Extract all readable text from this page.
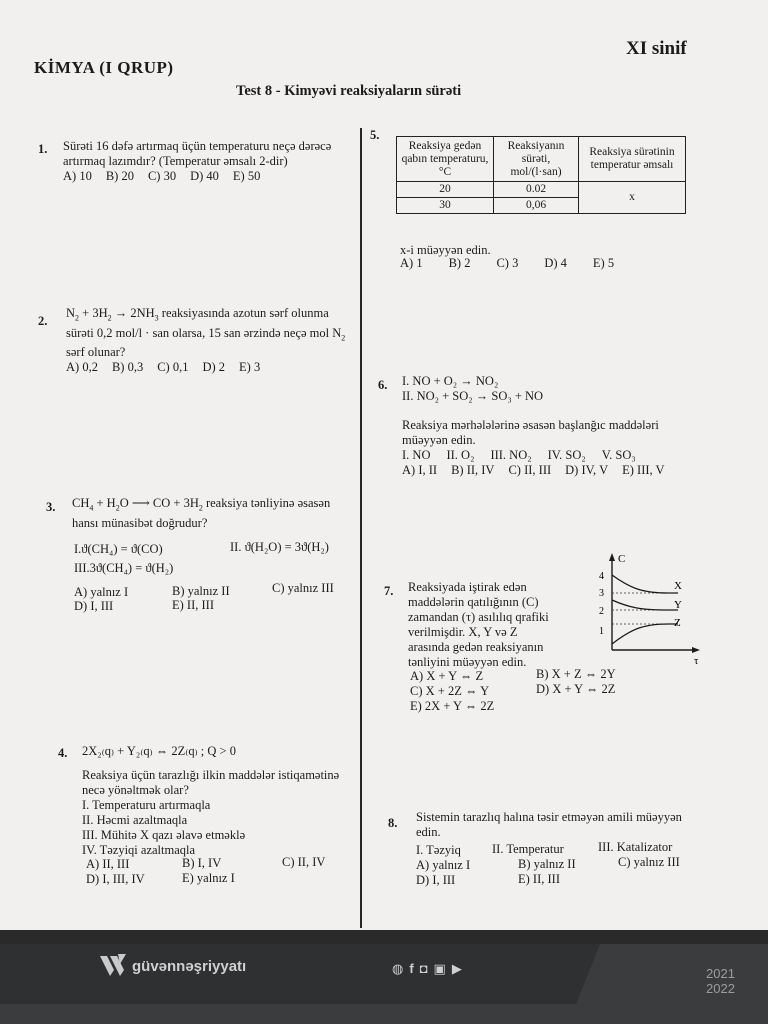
KİMYA (I QRUP)
XI sinif
Test 8 - Kimyəvi reaksiyaların sürəti
1. Sürəti 16 dəfə artırmaq üçün temperaturu neçə dərəcə
artırmaq lazımdır? (Temperatur əmsalı 2-dir)
A) 10 B) 20 C) 30 D) 40 E) 50
2.
$N_2 + 3H_2 \to 2NH_3$ reaksiyasında azotun sərf olunma
sürəti 0,2 mol/l · san olarsa, 15 san ərzində neçə mol $N_2$
sərf olunar?
A) 0,2 B) 0,3 C) 0,1 D) 2 E) 3
3. $CH_4 + H_2O$ ⟶ CO + $3H_2$ reaksiya tənliyinə əsasən
hansı münasibət doğrudur?
I.ϑ(CH₄) = ϑ(CO)	II. ϑ(H₂O) = 3ϑ(H₂)
III.3ϑ(CH₄) = ϑ(H₂)
A) yalnız I	B) yalnız II	C) yalnız III
D) I, III	E) II, III
4. 2X₂₍q₎ + Y₂₍q₎ ⇔ 2Z₍q₎ ; Q > 0
Reaksiya üçün tarazlığı ilkin maddələr istiqamətinə
necə yönəltmək olar?
I. Temperaturu artırmaqla
II. Həcmi azaltmaqla
III. Mühitə X qazı əlavə etməklə
IV. Təzyiqi azaltmaqla
A) II, III	B) I, IV	C) II, IV
D) I, III, IV	E) yalnız I
5.
Reaksiya gedən qabın temperaturu, °C	Reaksiyanın sürəti, mol/(l·san)	Reaksiya sürətinin temperatur əmsalı
20	0.02	x
30	0,06	
x-i müəyyən edin.
A) 1 B) 2 C) 3 D) 4 E) 5
6. I. NO + O₂ → NO₂
II. NO₂ + SO₂ → SO₃ + NO
Reaksiya mərhələlərinə əsasən başlanğıc maddələri
müəyyən edin.
I. NO II. O₂ III. NO₂ IV. SO₂ V. SO₃
A) I, II B) II, IV C) II, III D) IV, V E) III, V
7. Reaksiyada iştirak edən
maddələrin qatılığının (C)
zamandan (τ) asılılıq qrafiki
verilmişdir. X, Y və Z
arasında gedən reaksiyanın
tənliyini müəyyən edin.
A) X + Y ⇔ Z	B) X + Z ⇔ 2Y
C) X + 2Z ⇔ Y	D) X + Y ⇔ 2Z
E) 2X + Y ⇔ 2Z
C
τ
4
3
2
1
X
Y
Z
8. Sistemin tarazlıq halına təsir etməyən amili müəyyən
edin.
I. Təzyiq II. Temperatur	III. Katalizator
A) yalnız I	B) yalnız II	C) yalnız III
D) I, III	E) II, III
güvənnəşriyyatı	◍ f ◘ ▣ ▶	2021
2022
